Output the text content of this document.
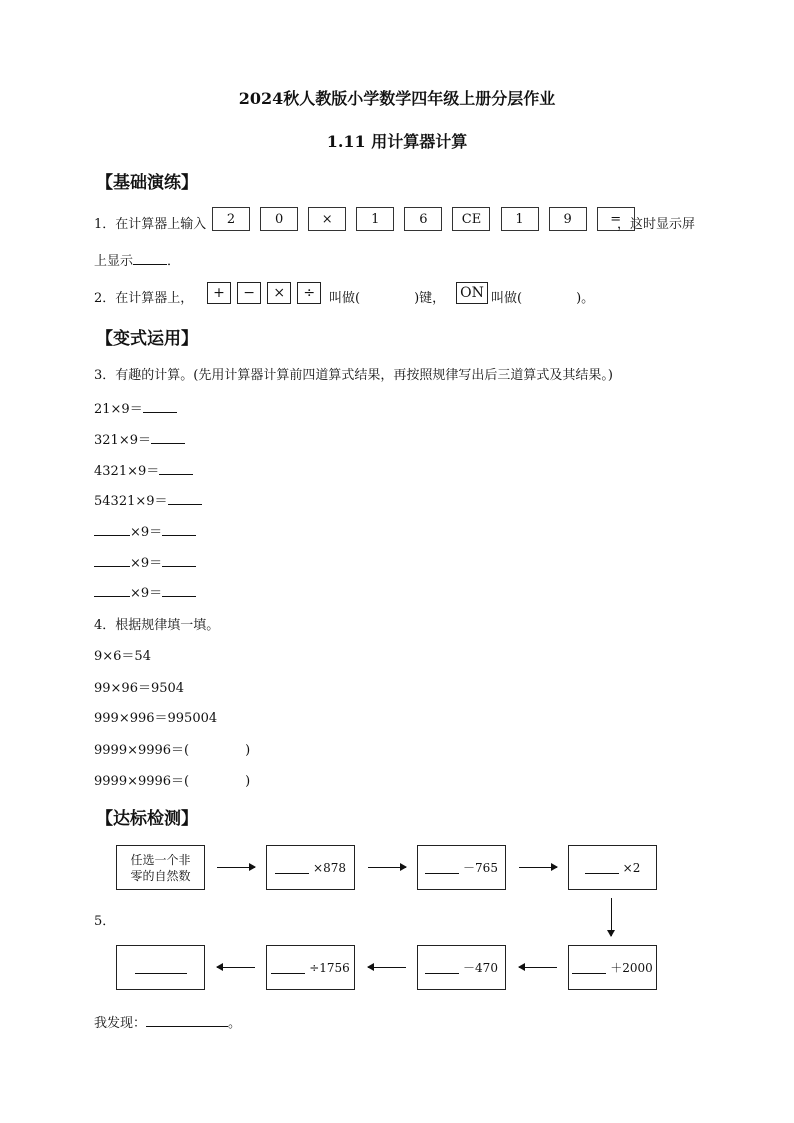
2024秋人教版小学数学四年级上册分层作业
1.11 用计算器计算
【基础演练】
1．在计算器上输入	2	0	×	1	6	CE	1	9	=
，这时显示屏
上显示	．
2．在计算器上，	+ − × ÷	叫做(	)键， ON 叫做(	)。
【变式运用】
3．有趣的计算。(先用计算器计算前四道算式结果，再按照规律写出后三道算式及其结果。)
21×9＝
321×9＝
4321×9＝
54321×9＝
×9＝
×9＝
×9＝
4．根据规律填一填。
9×6＝54
99×96＝9504
999×996＝995004
9999×9996＝(	)
9999×9996＝(	)
【达标检测】
任选一个非零的自然数
×878	－765	×2
5．
÷1756	－470	＋2000
我发现：	。
